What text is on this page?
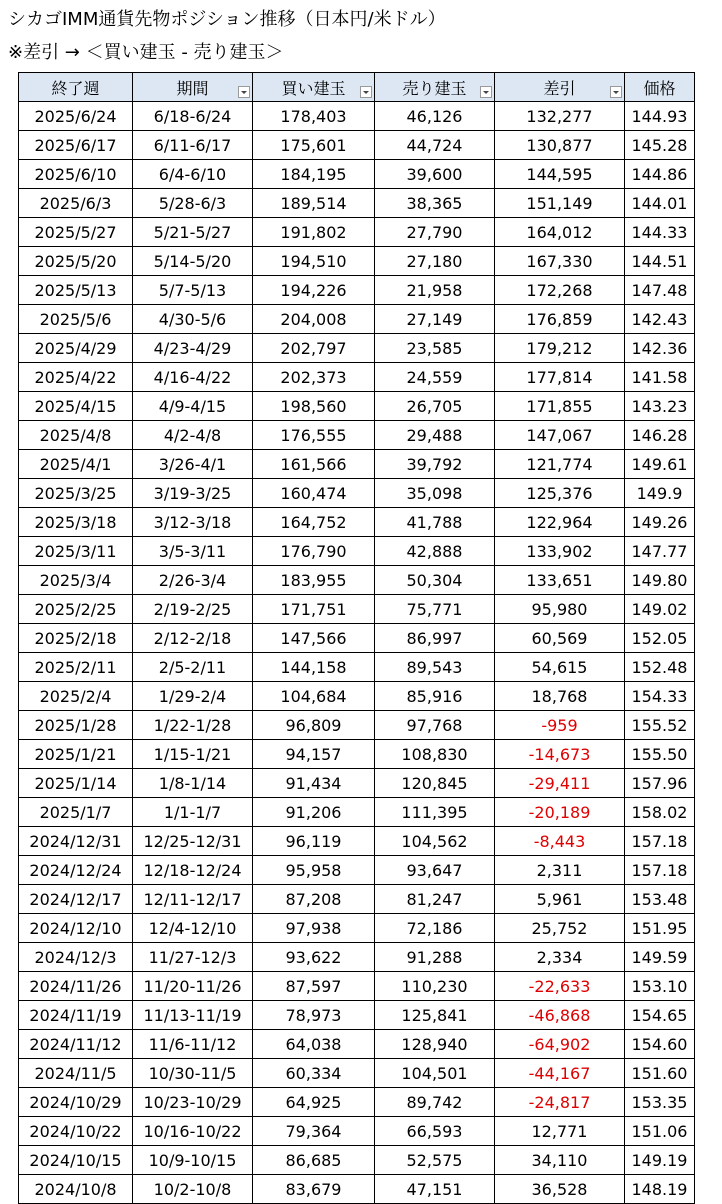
シカゴIMM通貨先物ポジション推移（日本円/米ドル）
※差引 → ＜買い建玉 - 売り建玉＞
終了週	期間	買い建玉	売り建玉	差引	価格
2025/6/24	6/18-6/24	178,403	46,126	132,277	144.93
2025/6/17	6/11-6/17	175,601	44,724	130,877	145.28
2025/6/10	6/4-6/10	184,195	39,600	144,595	144.86
2025/6/3	5/28-6/3	189,514	38,365	151,149	144.01
2025/5/27	5/21-5/27	191,802	27,790	164,012	144.33
2025/5/20	5/14-5/20	194,510	27,180	167,330	144.51
2025/5/13	5/7-5/13	194,226	21,958	172,268	147.48
2025/5/6	4/30-5/6	204,008	27,149	176,859	142.43
2025/4/29	4/23-4/29	202,797	23,585	179,212	142.36
2025/4/22	4/16-4/22	202,373	24,559	177,814	141.58
2025/4/15	4/9-4/15	198,560	26,705	171,855	143.23
2025/4/8	4/2-4/8	176,555	29,488	147,067	146.28
2025/4/1	3/26-4/1	161,566	39,792	121,774	149.61
2025/3/25	3/19-3/25	160,474	35,098	125,376	149.9
2025/3/18	3/12-3/18	164,752	41,788	122,964	149.26
2025/3/11	3/5-3/11	176,790	42,888	133,902	147.77
2025/3/4	2/26-3/4	183,955	50,304	133,651	149.80
2025/2/25	2/19-2/25	171,751	75,771	95,980	149.02
2025/2/18	2/12-2/18	147,566	86,997	60,569	152.05
2025/2/11	2/5-2/11	144,158	89,543	54,615	152.48
2025/2/4	1/29-2/4	104,684	85,916	18,768	154.33
2025/1/28	1/22-1/28	96,809	97,768	-959	155.52
2025/1/21	1/15-1/21	94,157	108,830	-14,673	155.50
2025/1/14	1/8-1/14	91,434	120,845	-29,411	157.96
2025/1/7	1/1-1/7	91,206	111,395	-20,189	158.02
2024/12/31	12/25-12/31	96,119	104,562	-8,443	157.18
2024/12/24	12/18-12/24	95,958	93,647	2,311	157.18
2024/12/17	12/11-12/17	87,208	81,247	5,961	153.48
2024/12/10	12/4-12/10	97,938	72,186	25,752	151.95
2024/12/3	11/27-12/3	93,622	91,288	2,334	149.59
2024/11/26	11/20-11/26	87,597	110,230	-22,633	153.10
2024/11/19	11/13-11/19	78,973	125,841	-46,868	154.65
2024/11/12	11/6-11/12	64,038	128,940	-64,902	154.60
2024/11/5	10/30-11/5	60,334	104,501	-44,167	151.60
2024/10/29	10/23-10/29	64,925	89,742	-24,817	153.35
2024/10/22	10/16-10/22	79,364	66,593	12,771	151.06
2024/10/15	10/9-10/15	86,685	52,575	34,110	149.19
2024/10/8	10/2-10/8	83,679	47,151	36,528	148.19
